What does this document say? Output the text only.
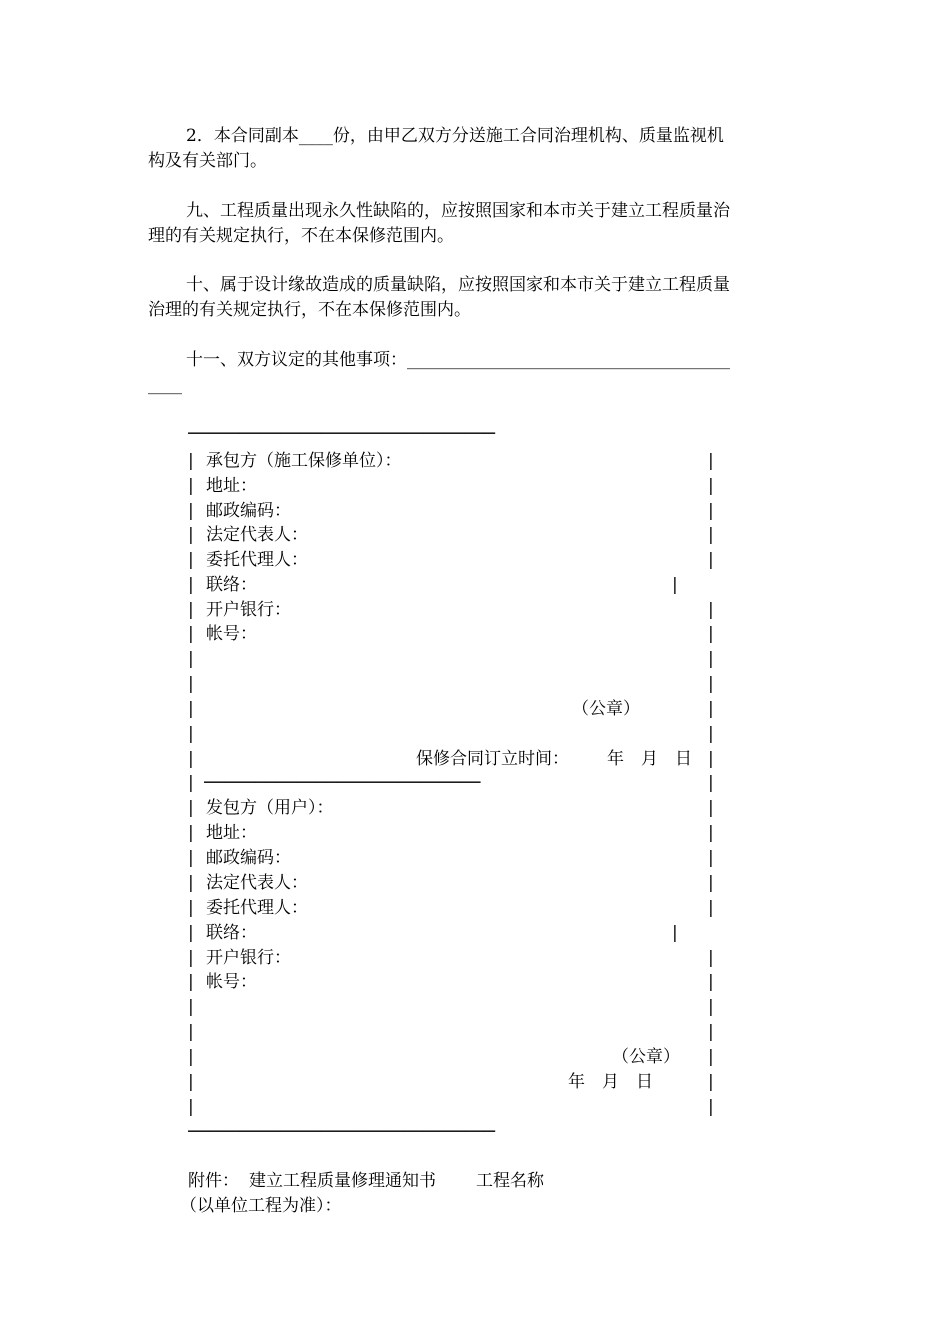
2．本合同副本____份，由甲乙双方分送施工合同治理机构、质量监视机
构及有关部门。

九、工程质量出现永久性缺陷的，应按照国家和本市关于建立工程质量治
理的有关规定执行，不在本保修范围内。

十、属于设计缘故造成的质量缺陷，应按照国家和本市关于建立工程质量
治理的有关规定执行，不在本保修范围内。

十一、双方议定的其他事项：______________________________________
____

──────────────────────────────
| 承包方（施工保修单位）：	|
| 地址：	|
| 邮政编码：	|
| 法定代表人：	|
| 委托代理人：	|
| 联络：	|
| 开户银行：	|
| 帐号：	|
|	|
|	|
|	（公章）	|
|	|
|	保修合同订立时间： 年　月　日 |
| ───────────────────────────	|
| 发包方（用户）：	|
| 地址：	|
| 邮政编码：	|
| 法定代表人：	|
| 委托代理人：	|
| 联络：	|
| 开户银行：	|
| 帐号：	|
|	|
|	|
|	（公章） |
|	年　月　日	|
|	|
──────────────────────────────
附件： 建立工程质量修理通知书 工程名称
（以单位工程为准）：
